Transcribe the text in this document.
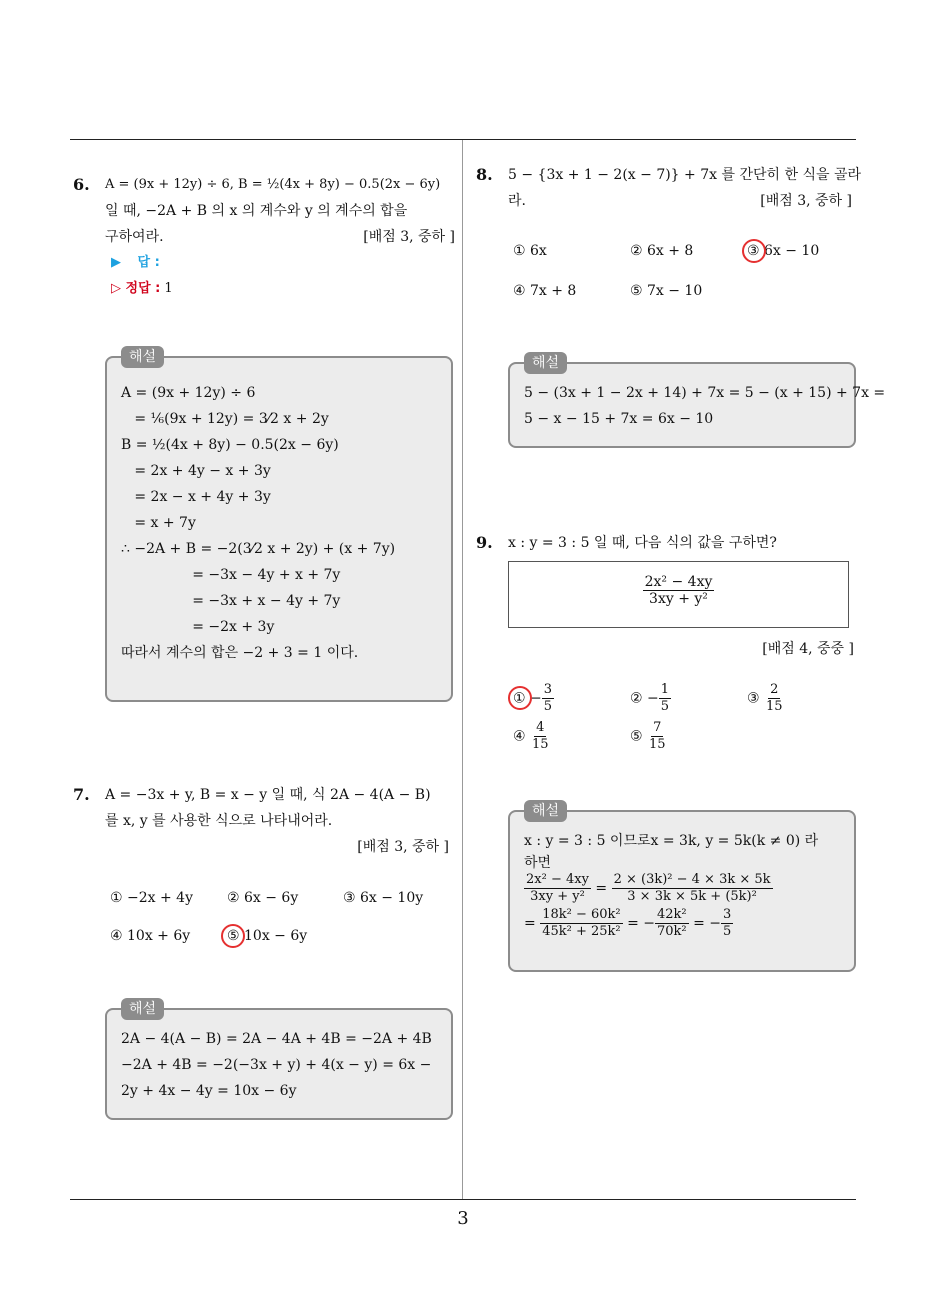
3
6. A = (9x + 12y) ÷ 6, B = ½(4x + 8y) − 0.5(2x − 6y)
일 때, −2A + B 의 x 의 계수와 y 의 계수의 합을
구하여라.	[배점 3, 중하 ]
▶ 답 :
▷ 정답 : 1
해설
A = (9x + 12y) ÷ 6
= ⅙(9x + 12y) = 3⁄2 x + 2y
B = ½(4x + 8y) − 0.5(2x − 6y)
= 2x + 4y − x + 3y
= 2x − x + 4y + 3y
= x + 7y
∴ −2A + B = −2(3⁄2 x + 2y) + (x + 7y)
= −3x − 4y + x + 7y
= −3x + x − 4y + 7y
= −2x + 3y
따라서 계수의 합은 −2 + 3 = 1 이다.
7. A = −3x + y, B = x − y 일 때, 식 2A − 4(A − B)
를 x, y 를 사용한 식으로 나타내어라.
[배점 3, 중하 ]
① −2x + 4y ② 6x − 6y	③ 6x − 10y
④ 10x + 6y	⑤ 10x − 6y
해설
2A − 4(A − B) = 2A − 4A + 4B = −2A + 4B
−2A + 4B = −2(−3x + y) + 4(x − y) = 6x −
2y + 4x − 4y = 10x − 6y
8. 5 − {3x + 1 − 2(x − 7)} + 7x 를 간단히 한 식을 골라
라.	[배점 3, 중하 ]
① 6x	② 6x + 8	③ 6x − 10
④ 7x + 8	⑤ 7x − 10
해설
5 − (3x + 1 − 2x + 14) + 7x = 5 − (x + 15) + 7x =
5 − x − 15 + 7x = 6x − 10
9. x : y = 3 : 5 일 때, 다음 식의 값을 구하면?
$\frac{\text{2x² − 4xy}}{\text{3xy + y²}}$
[배점 4, 중중 ]
① − $\frac{3}{5}$	② − $\frac{1}{5}$	③ $\frac{2}{15}$
④ $\frac{4}{15}$	⑤ $\frac{7}{15}$
해설
x : y = 3 : 5 이므로x = 3k, y = 5k(k ≠ 0) 라
하면
$\frac{\text{2x² − 4xy}}{\text{3xy + y²}} = \frac{\text{2 × (3k)² − 4 × 3k × 5k}}{\text{3 × 3k × 5k + (5k)²}}$
= $\frac{\text{18k² − 60k²}}{\text{45k² + 25k²}}$ = − $\frac{\text{42k²}}{\text{70k²}}$ = − $\frac{3}{5}$
